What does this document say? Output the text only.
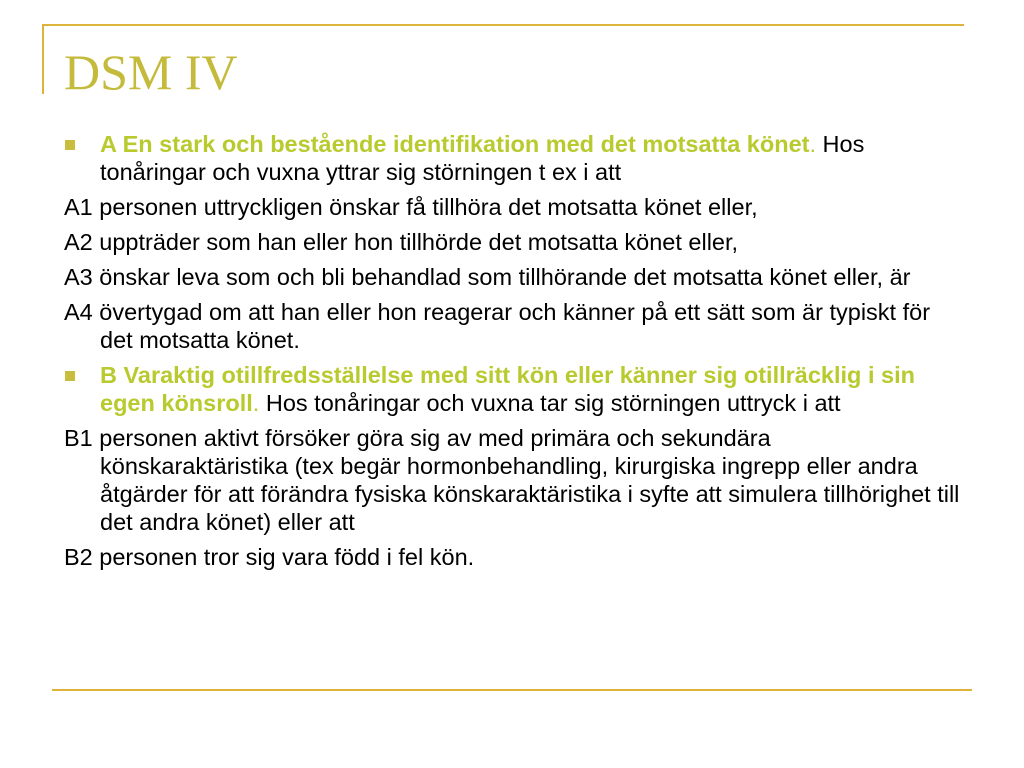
DSM IV

A En stark och bestående identifikation med det motsatta könet. Hos tonåringar och vuxna yttrar sig störningen t ex i att

A1 personen uttryckligen önskar få tillhöra det motsatta könet eller,

A2 uppträder som han eller hon tillhörde det motsatta könet eller,

A3 önskar leva som och bli behandlad som tillhörande det motsatta könet eller, är

A4 övertygad om att han eller hon reagerar och känner på ett sätt som är typiskt för det motsatta könet.

B Varaktig otillfredsställelse med sitt kön eller känner sig otillräcklig i sin egen könsroll. Hos tonåringar och vuxna tar sig störningen uttryck i att

B1 personen aktivt försöker göra sig av med primära och sekundära könskaraktäristika (tex begär hormonbehandling, kirurgiska ingrepp eller andra åtgärder för att förändra fysiska könskaraktäristika i syfte att simulera tillhörighet till det andra könet) eller att

B2 personen tror sig vara född i fel kön.
